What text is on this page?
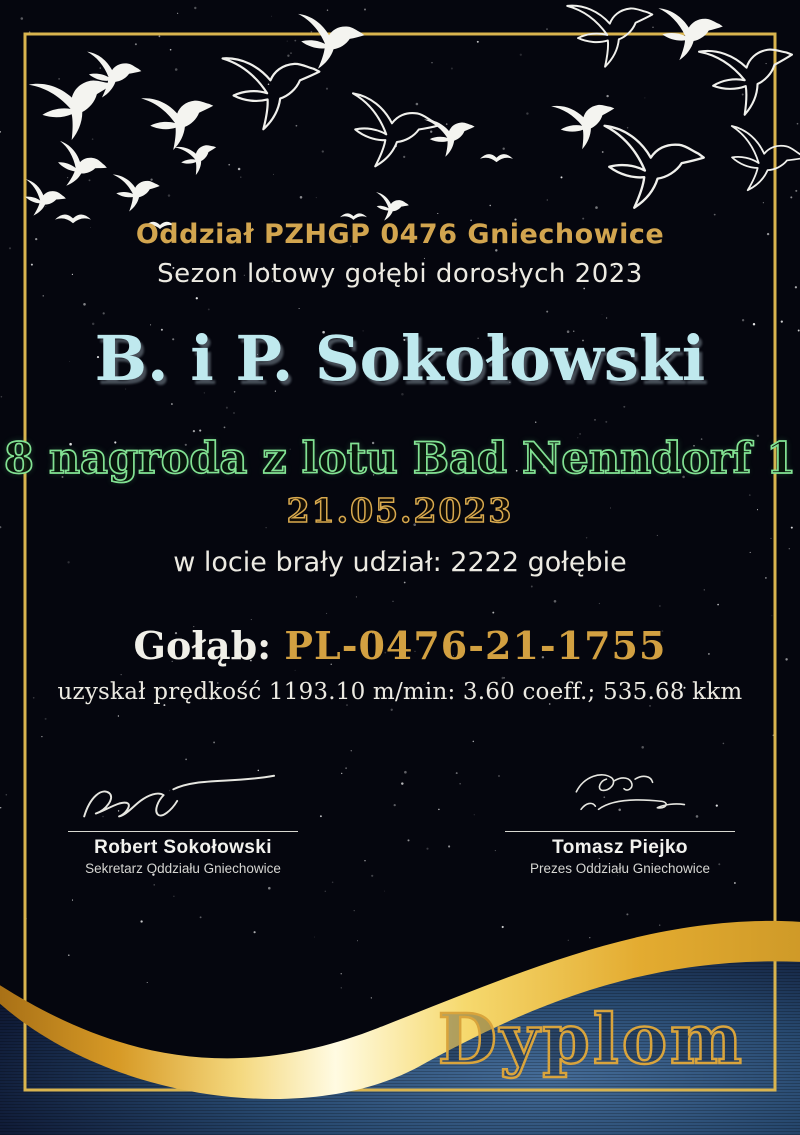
Oddział PZHGP 0476 Gniechowice
Sezon lotowy gołębi dorosłych 2023
B. i P. Sokołowski
8 nagroda z lotu Bad Nenndorf 1
21.05.2023
w locie brały udział: 2222 gołębie
Gołąb: PL-0476-21-1755
uzyskał prędkość 1193.10 m/min: 3.60 coeff.; 535.68 kkm
Robert Sokołowski
Sekretarz Oddziału Gniechowice
Tomasz Piejko
Prezes Oddziału Gniechowice
Dyplom
